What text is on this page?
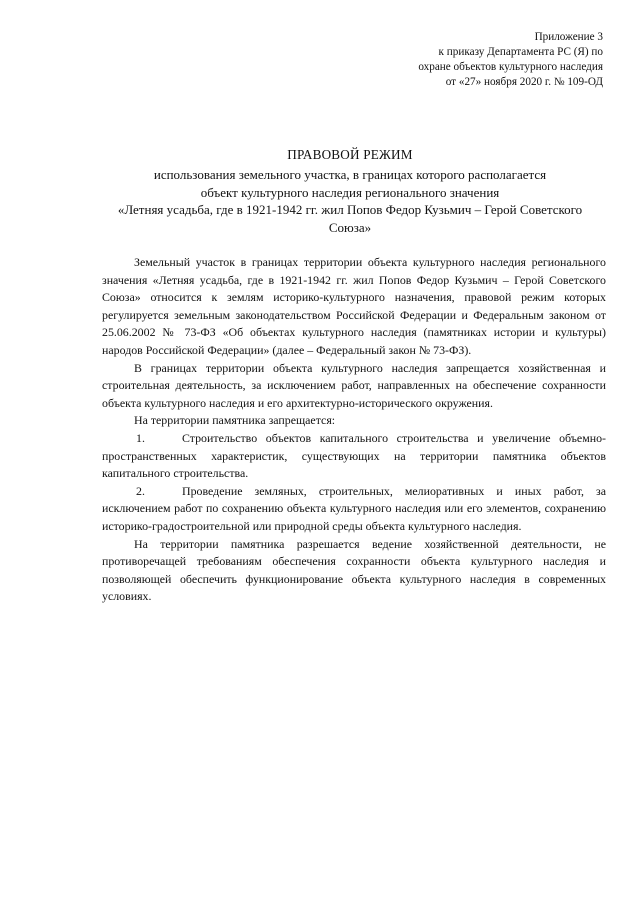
Приложение 3
к приказу Департамента РС (Я) по
охране объектов культурного наследия
от «27» ноября 2020 г. № 109-ОД
ПРАВОВОЙ РЕЖИМ
использования земельного участка, в границах которого располагается
объект культурного наследия регионального значения
«Летняя усадьба, где в 1921-1942 гг. жил Попов Федор Кузьмич – Герой Советского
Союза»

Земельный участок в границах территории объекта культурного наследия регионального значения «Летняя усадьба, где в 1921-1942 гг. жил Попов Федор Кузьмич – Герой Советского Союза» относится к землям историко-культурного назначения, правовой режим которых регулируется земельным законодательством Российской Федерации и Федеральным законом от 25.06.2002 № 73-ФЗ «Об объектах культурного наследия (памятниках истории и культуры) народов Российской Федерации» (далее – Федеральный закон № 73-ФЗ).

В границах территории объекта культурного наследия запрещается хозяйственная и строительная деятельность, за исключением работ, направленных на обеспечение сохранности объекта культурного наследия и его архитектурно-исторического окружения.

На территории памятника запрещается:

1.	Строительство объектов капитального строительства и увеличение объемно-пространственных характеристик, существующих на территории памятника объектов капитального строительства.

2.	Проведение земляных, строительных, мелиоративных и иных работ, за исключением работ по сохранению объекта культурного наследия или его элементов, сохранению историко-градостроительной или природной среды объекта культурного наследия.

На территории памятника разрешается ведение хозяйственной деятельности, не противоречащей требованиям обеспечения сохранности объекта культурного наследия и позволяющей обеспечить функционирование объекта культурного наследия в современных условиях.
